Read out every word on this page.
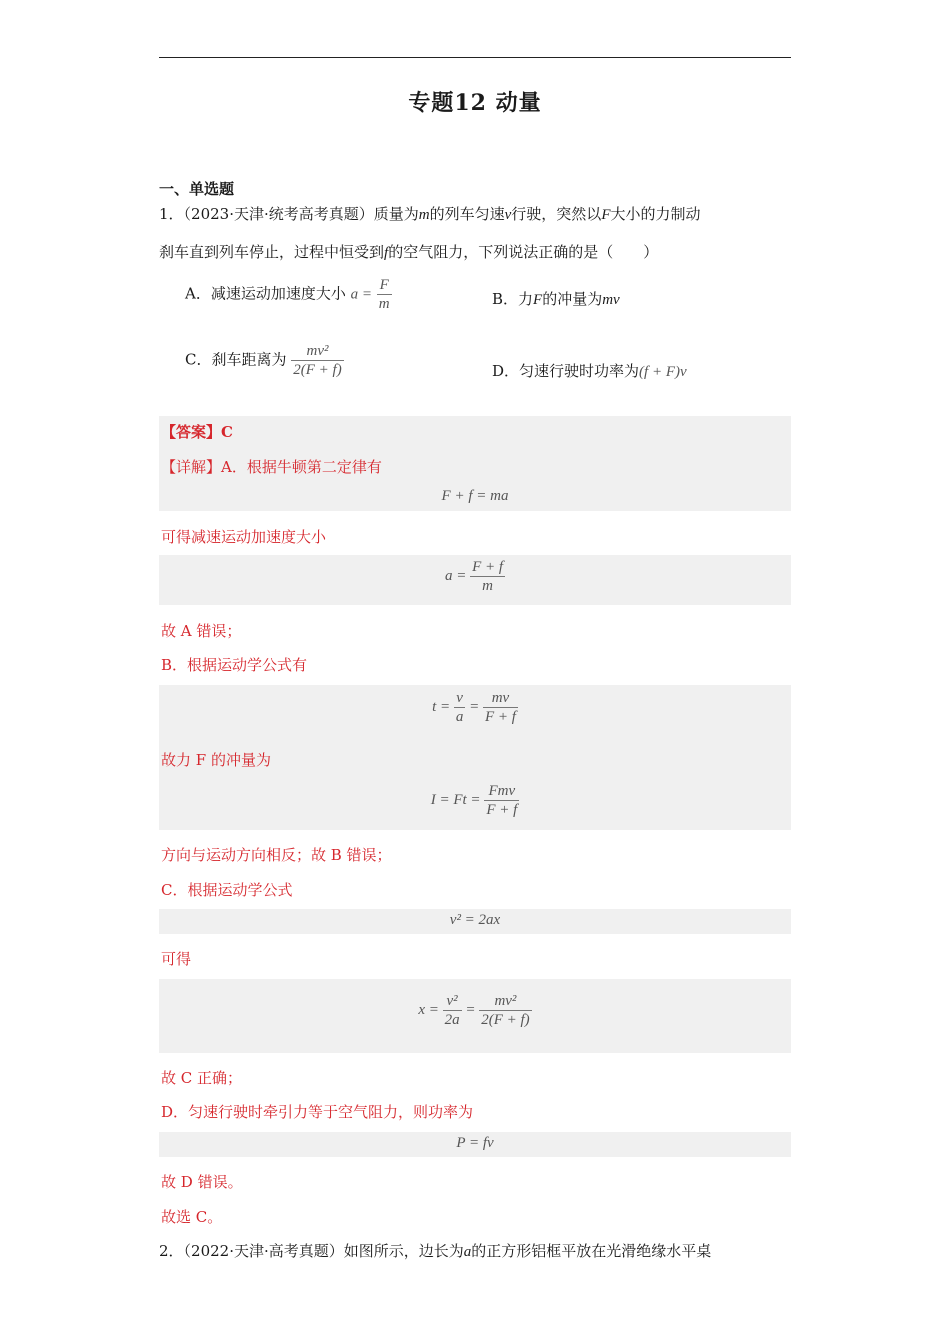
专题12 动量
一、单选题
1．（2023·天津·统考高考真题）质量为m的列车匀速v行驶，突然以F大小的力制动
刹车直到列车停止，过程中恒受到f的空气阻力，下列说法正确的是（　　）
A．减速运动加速度大小 $a = \frac{F}{m}$	B．力F的冲量为mv
C．刹车距离为 $\frac{\text{mv²}}{2(F + f)}$	D．匀速行驶时功率为(f + F)v
【答案】C
【详解】A．根据牛顿第二定律有
F + f = ma
可得减速运动加速度大小
$a = \frac{F + f}{m}$
故 A 错误；
B．根据运动学公式有
$t = \frac{v}{a} = \frac{mv}{F + f}$
故力 F 的冲量为
$I = Ft = \frac{\text{Fmv}}{F + f}$
方向与运动方向相反；故 B 错误；
C．根据运动学公式
v² = 2ax
可得
$x = \frac{\text{v²}}{2a} = \frac{\text{mv²}}{2(F + f)}$
故 C 正确；
D．匀速行驶时牵引力等于空气阻力，则功率为
P = fv
故 D 错误。
故选 C。
2．（2022·天津·高考真题）如图所示，边长为a的正方形铝框平放在光滑绝缘水平桌
